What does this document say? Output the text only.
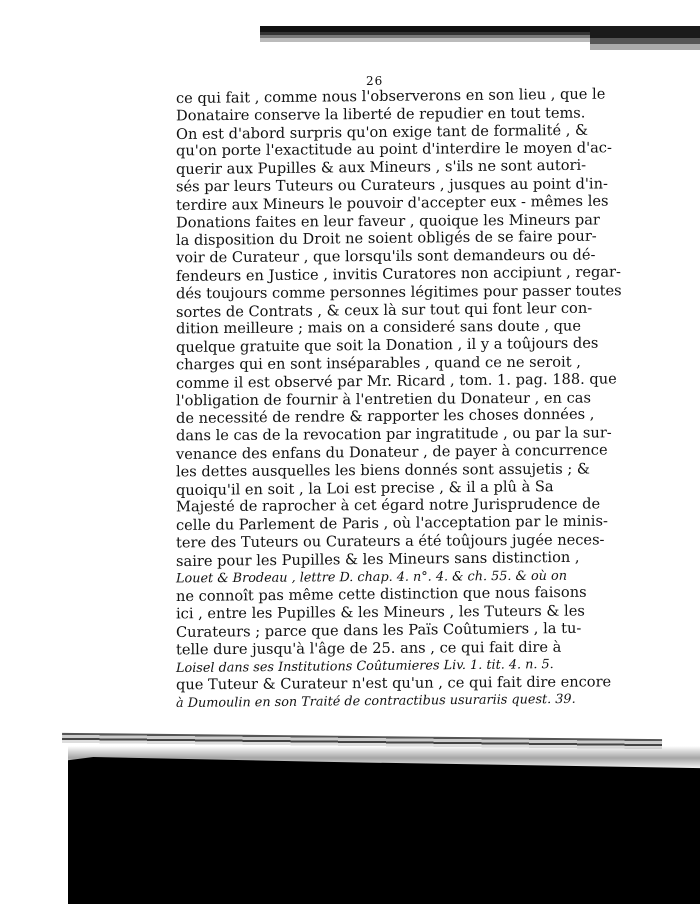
26
ce qui fait , comme nous l'observerons en son lieu , que le
Donataire conserve la liberté de repudier en tout tems.
On est d'abord surpris qu'on exige tant de formalité , &
qu'on porte l'exactitude au point d'interdire le moyen d'ac-
querir aux Pupilles & aux Mineurs , s'ils ne sont autori-
sés par leurs Tuteurs ou Curateurs , jusques au point d'in-
terdire aux Mineurs le pouvoir d'accepter eux - mêmes les
Donations faites en leur faveur , quoique les Mineurs par
la disposition du Droit ne soient obligés de se faire pour-
voir de Curateur , que lorsqu'ils sont demandeurs ou dé-
fendeurs en Justice , invitis Curatores non accipiunt , regar-
dés toujours comme personnes légitimes pour passer toutes
sortes de Contrats , & ceux là sur tout qui font leur con-
dition meilleure ; mais on a consideré sans doute , que
quelque gratuite que soit la Donation , il y a toûjours des
charges qui en sont inséparables , quand ce ne seroit ,
comme il est observé par Mr. Ricard , tom. 1. pag. 188. que
l'obligation de fournir à l'entretien du Donateur , en cas
de necessité de rendre & rapporter les choses données ,
dans le cas de la revocation par ingratitude , ou par la sur-
venance des enfans du Donateur , de payer à concurrence
les dettes ausquelles les biens donnés sont assujetis ; &
quoiqu'il en soit , la Loi est precise , & il a plû à Sa
Majesté de raprocher à cet égard notre Jurisprudence de
celle du Parlement de Paris , où l'acceptation par le minis-
tere des Tuteurs ou Curateurs a été toûjours jugée neces-
saire pour les Pupilles & les Mineurs sans distinction ,
Louet & Brodeau , lettre D. chap. 4. n°. 4. & ch. 55. & où on
ne connoît pas même cette distinction que nous faisons
ici , entre les Pupilles & les Mineurs , les Tuteurs & les
Curateurs ; parce que dans les Païs Coûtumiers , la tu-
telle dure jusqu'à l'âge de 25. ans , ce qui fait dire à
Loisel dans ses Institutions Coûtumieres Liv. 1. tit. 4. n. 5.
que Tuteur & Curateur n'est qu'un , ce qui fait dire encore
à Dumoulin en son Traité de contractibus usurariis quest. 39.
